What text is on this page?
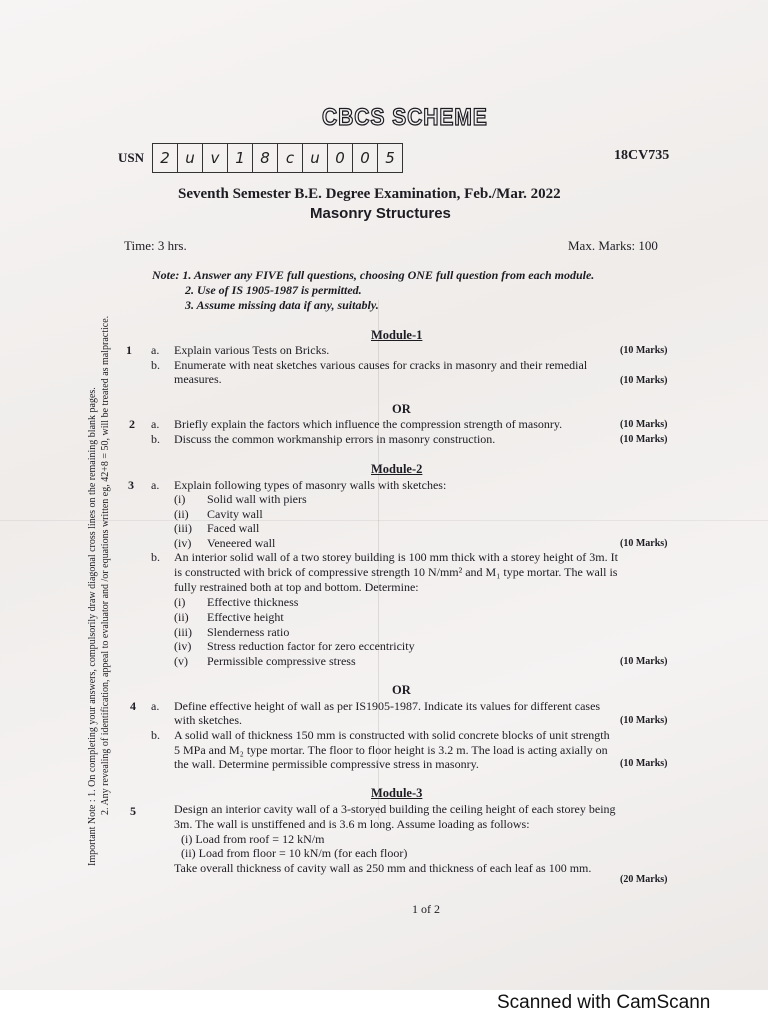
CBCS SCHEME
USN	2	u	v	1	8	c	u	0	0	5	18CV735
Seventh Semester B.E. Degree Examination, Feb./Mar. 2022
Masonry Structures
Time: 3 hrs.	Max. Marks: 100
Note: 1. Answer any FIVE full questions, choosing ONE full question from each module.
2. Use of IS 1905-1987 is permitted.
3. Assume missing data if any, suitably.
Important Note : 1. On completing your answers, compulsorily draw diagonal cross lines on the remaining blank pages. 2. Any revealing of identification, appeal to evaluator and /or equations written eg, 42+8 = 50, will be treated as malpractice.	Module-1
1 a. Explain various Tests on Bricks.	(10 Marks)
b. Enumerate with neat sketches various causes for cracks in masonry and their remedial
measures.	(10 Marks)
OR
2 a. Briefly explain the factors which influence the compression strength of masonry.	(10 Marks)
b. Discuss the common workmanship errors in masonry construction.	(10 Marks)
Module-2
3 a. Explain following types of masonry walls with sketches:
(i) Solid wall with piers
(ii) Cavity wall
(iii) Faced wall
(iv) Veneered wall	(10 Marks)
b. An interior solid wall of a two storey building is 100 mm thick with a storey height of 3m. It
is constructed with brick of compressive strength 10 N/mm² and M₁ type mortar. The wall is
fully restrained both at top and bottom. Determine:
(i) Effective thickness
(ii) Effective height
(iii) Slenderness ratio
(iv) Stress reduction factor for zero eccentricity
(v) Permissible compressive stress	(10 Marks)
OR
4 a. Define effective height of wall as per IS1905-1987. Indicate its values for different cases
with sketches.	(10 Marks)
b. A solid wall of thickness 150 mm is constructed with solid concrete blocks of unit strength
5 MPa and M₂ type mortar. The floor to floor height is 3.2 m. The load is acting axially on
the wall. Determine permissible compressive stress in masonry.	(10 Marks)
Module-3
5	Design an interior cavity wall of a 3-storyed building the ceiling height of each storey being
3m. The wall is unstiffened and is 3.6 m long. Assume loading as follows:
(i) Load from roof = 12 kN/m
(ii) Load from floor = 10 kN/m (for each floor)
Take overall thickness of cavity wall as 250 mm and thickness of each leaf as 100 mm.
(20 Marks)
1 of 2
Scanned with CamScann
